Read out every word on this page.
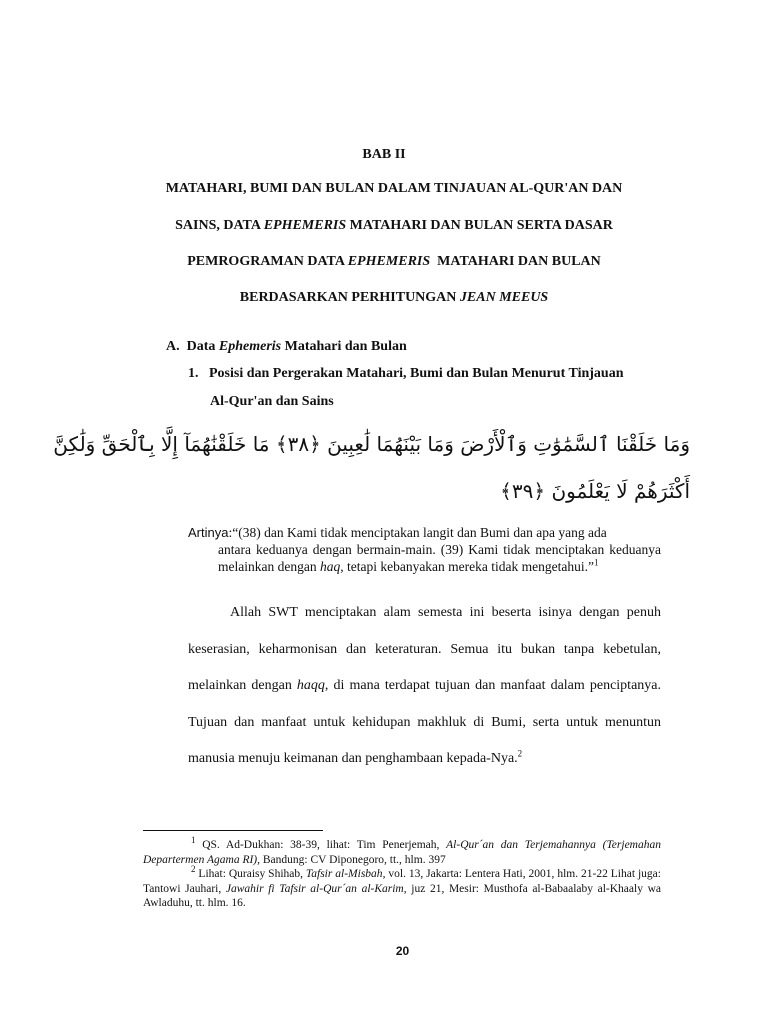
BAB II
MATAHARI, BUMI DAN BULAN DALAM TINJAUAN AL-QUR'AN DAN
SAINS, DATA EPHEMERIS MATAHARI DAN BULAN SERTA DASAR
PEMROGRAMAN DATA EPHEMERIS  MATAHARI DAN BULAN
BERDASARKAN PERHITUNGAN JEAN MEEUS
A.  Data Ephemeris Matahari dan Bulan
1.   Posisi dan Pergerakan Matahari, Bumi dan Bulan Menurut Tinjauan
Al-Qur'an dan Sains
وَمَا خَلَقْنَا ٱلسَّمَٰوَٰتِ وَٱلْأَرْضَ وَمَا بَيْنَهُمَا لَٰعِبِينَ ﴿٣٨﴾ مَا خَلَقْنَٰهُمَآ إِلَّا بِٱلْحَقِّ وَلَٰكِنَّ
أَكْثَرَهُمْ لَا يَعْلَمُونَ ﴿٣٩﴾
Artinya:“(38) dan Kami tidak menciptakan langit dan Bumi dan apa yang ada
antara keduanya dengan bermain-main. (39) Kami tidak menciptakan keduanya melainkan dengan haq, tetapi kebanyakan mereka tidak mengetahui.”$^1$
Allah SWT menciptakan alam semesta ini beserta isinya dengan penuh keserasian, keharmonisan dan keteraturan. Semua itu bukan tanpa kebetulan, melainkan dengan haqq, di mana terdapat tujuan dan manfaat dalam penciptanya. Tujuan dan manfaat untuk kehidupan makhluk di Bumi, serta untuk menuntun manusia menuju keimanan dan penghambaan kepada-Nya.$^2$
$^1$ QS. Ad-Dukhan: 38-39, lihat: Tim Penerjemah, Al-Qur´an dan Terjemahannya (Terjemahan Departermen Agama RI), Bandung: CV Diponegoro, tt., hlm. 397
$^2$ Lihat: Quraisy Shihab, Tafsir al-Misbah, vol. 13, Jakarta: Lentera Hati, 2001, hlm. 21-22 Lihat juga: Tantowi Jauhari, Jawahir fi Tafsir al-Qur´an al-Karim, juz 21, Mesir: Musthofa al-Babaalaby al-Khaaly wa Awladuhu, tt. hlm. 16.
20
